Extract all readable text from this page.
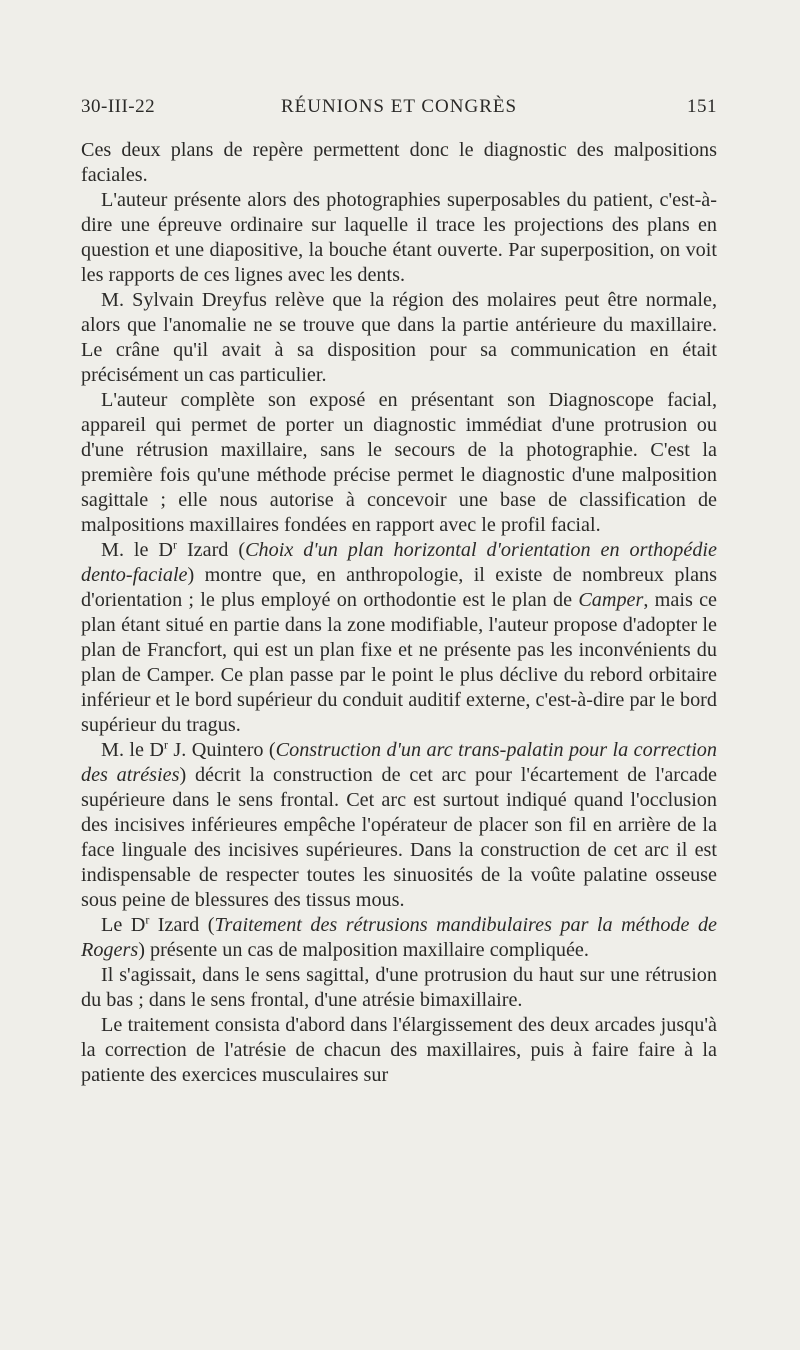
30-III-22	RÉUNIONS ET CONGRÈS	151

Ces deux plans de repère permettent donc le diagnostic des malpositions faciales.

L'auteur présente alors des photographies superposables du patient, c'est-à-dire une épreuve ordinaire sur laquelle il trace les projections des plans en question et une diapositive, la bouche étant ouverte. Par superposition, on voit les rapports de ces lignes avec les dents.

M. Sylvain Dreyfus relève que la région des molaires peut être normale, alors que l'anomalie ne se trouve que dans la partie antérieure du maxillaire. Le crâne qu'il avait à sa disposition pour sa communication en était précisément un cas particulier.

L'auteur complète son exposé en présentant son Diagnoscope facial, appareil qui permet de porter un diagnostic immédiat d'une protrusion ou d'une rétrusion maxillaire, sans le secours de la photographie. C'est la première fois qu'une méthode précise permet le diagnostic d'une malposition sagittale ; elle nous autorise à concevoir une base de classification de malpositions maxillaires fondées en rapport avec le profil facial.

M. le $D^r$ Izard (Choix d'un plan horizontal d'orientation en orthopédie dento-faciale) montre que, en anthropologie, il existe de nombreux plans d'orientation ; le plus employé on orthodontie est le plan de Camper, mais ce plan étant situé en partie dans la zone modifiable, l'auteur propose d'adopter le plan de Francfort, qui est un plan fixe et ne présente pas les inconvénients du plan de Camper. Ce plan passe par le point le plus déclive du rebord orbitaire inférieur et le bord supérieur du conduit auditif externe, c'est-à-dire par le bord supérieur du tragus.

M. le $D^r$ J. Quintero (Construction d'un arc trans-palatin pour la correction des atrésies) décrit la construction de cet arc pour l'écartement de l'arcade supérieure dans le sens frontal. Cet arc est surtout indiqué quand l'occlusion des incisives inférieures empêche l'opérateur de placer son fil en arrière de la face linguale des incisives supérieures. Dans la construction de cet arc il est indispensable de respecter toutes les sinuosités de la voûte palatine osseuse sous peine de blessures des tissus mous.

Le $D^r$ Izard (Traitement des rétrusions mandibulaires par la méthode de Rogers) présente un cas de malposition maxillaire compliquée.

Il s'agissait, dans le sens sagittal, d'une protrusion du haut sur une rétrusion du bas ; dans le sens frontal, d'une atrésie bimaxillaire.

Le traitement consista d'abord dans l'élargissement des deux arcades jusqu'à la correction de l'atrésie de chacun des maxillaires, puis à faire faire à la patiente des exercices musculaires sur
